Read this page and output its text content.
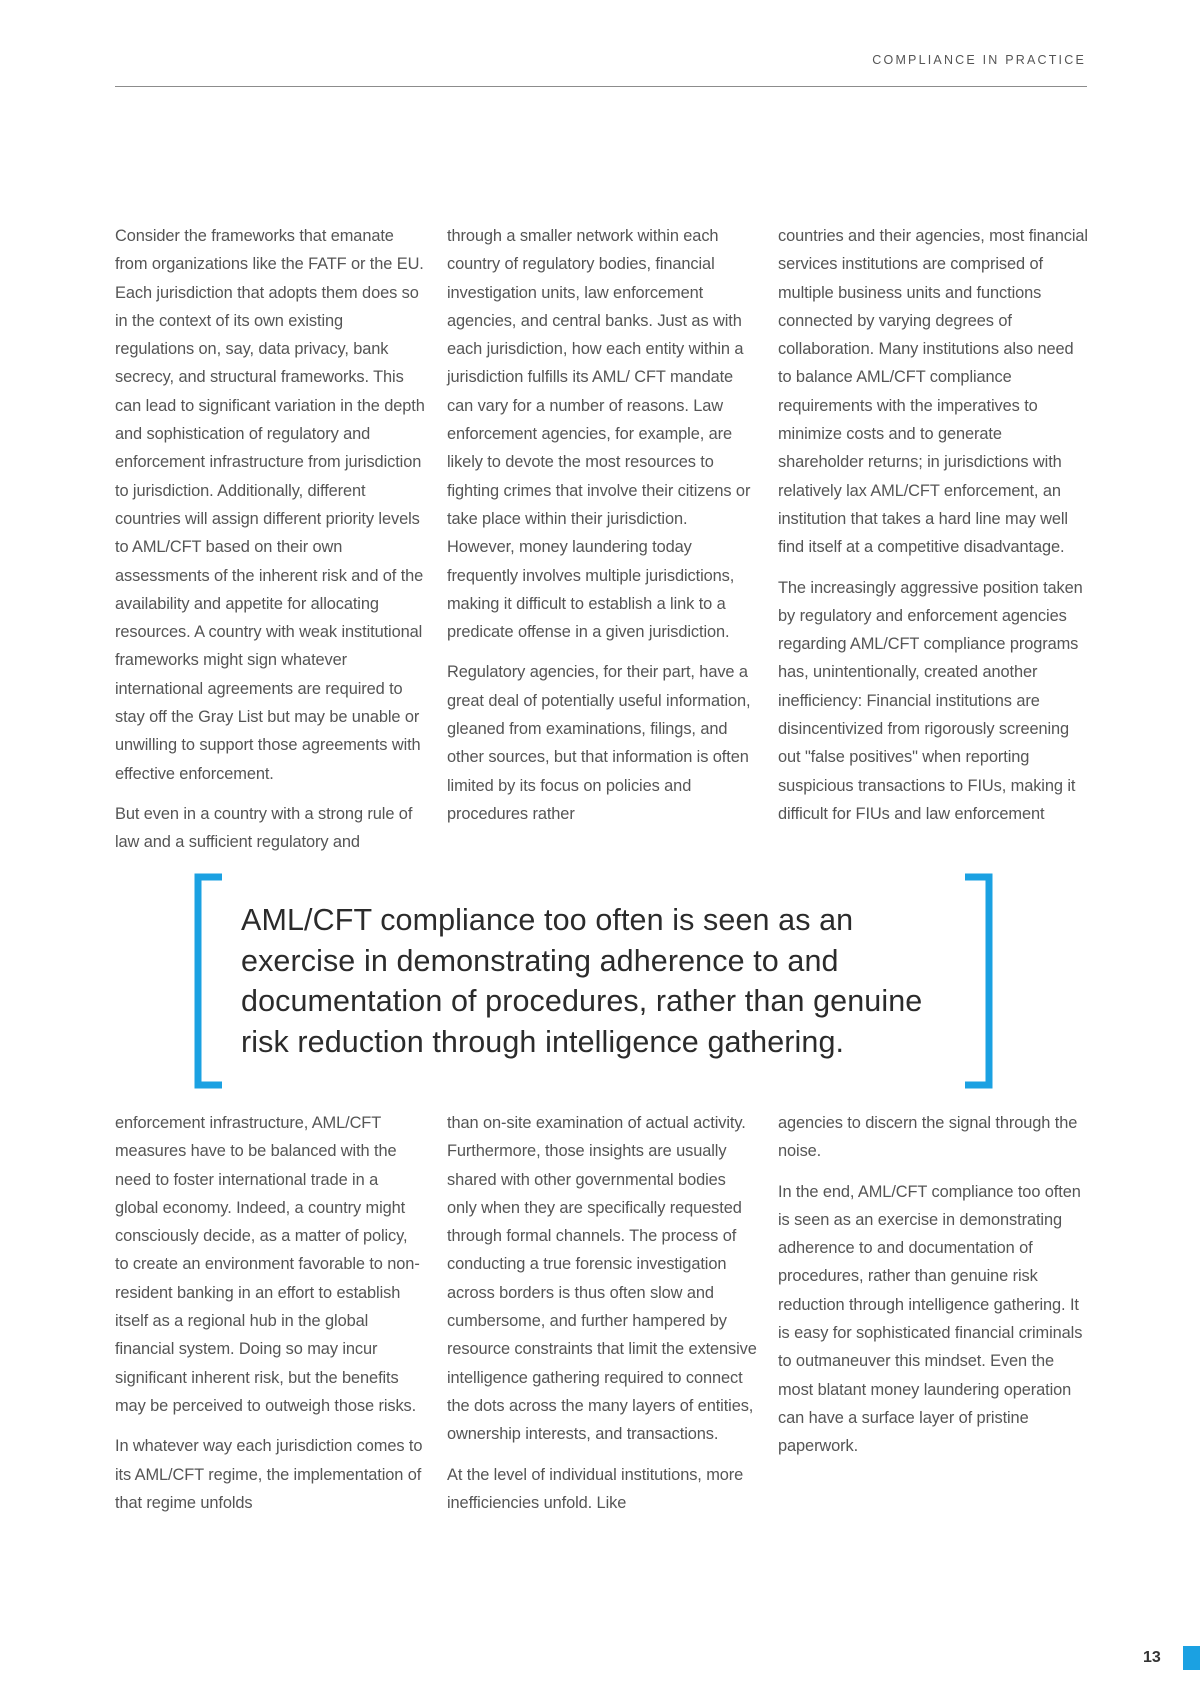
COMPLIANCE IN PRACTICE

Consider the frameworks that emanate from organizations like the FATF or the EU. Each jurisdiction that adopts them does so in the context of its own existing regulations on, say, data privacy, bank secrecy, and structural frameworks. This can lead to significant variation in the depth and sophistication of regulatory and enforcement infrastructure from jurisdiction to jurisdiction. Additionally, different countries will assign different priority levels to AML/CFT based on their own assessments of the inherent risk and of the availability and appetite for allocating resources. A country with weak institutional frameworks might sign whatever international agreements are required to stay off the Gray List but may be unable or unwilling to support those agreements with effective enforcement.

But even in a country with a strong rule of law and a sufficient regulatory and

through a smaller network within each country of regulatory bodies, financial investigation units, law enforcement agencies, and central banks. Just as with each jurisdiction, how each entity within a jurisdiction fulfills its AML/ CFT mandate can vary for a number of reasons. Law enforcement agencies, for example, are likely to devote the most resources to fighting crimes that involve their citizens or take place within their jurisdiction. However, money laundering today frequently involves multiple jurisdictions, making it difficult to establish a link to a predicate offense in a given jurisdiction.

Regulatory agencies, for their part, have a great deal of potentially useful information, gleaned from examinations, filings, and other sources, but that information is often limited by its focus on policies and procedures rather

countries and their agencies, most financial services institutions are comprised of multiple business units and functions connected by varying degrees of collaboration. Many institutions also need to balance AML/CFT compliance requirements with the imperatives to minimize costs and to generate shareholder returns; in jurisdictions with relatively lax AML/CFT enforcement, an institution that takes a hard line may well find itself at a competitive disadvantage.

The increasingly aggressive position taken by regulatory and enforcement agencies regarding AML/CFT compliance programs has, unintentionally, created another inefficiency: Financial institutions are disincentivized from rigorously screening out "false positives" when reporting suspicious transactions to FIUs, making it difficult for FIUs and law enforcement

AML/CFT compliance too often is seen as an exercise in demonstrating adherence to and documentation of procedures, rather than genuine risk reduction through intelligence gathering.

enforcement infrastructure, AML/CFT measures have to be balanced with the need to foster international trade in a global economy. Indeed, a country might consciously decide, as a matter of policy, to create an environment favorable to non-resident banking in an effort to establish itself as a regional hub in the global financial system. Doing so may incur significant inherent risk, but the benefits may be perceived to outweigh those risks.

In whatever way each jurisdiction comes to its AML/CFT regime, the implementation of that regime unfolds

than on-site examination of actual activity. Furthermore, those insights are usually shared with other governmental bodies only when they are specifically requested through formal channels. The process of conducting a true forensic investigation across borders is thus often slow and cumbersome, and further hampered by resource constraints that limit the extensive intelligence gathering required to connect the dots across the many layers of entities, ownership interests, and transactions.

At the level of individual institutions, more inefficiencies unfold. Like

agencies to discern the signal through the noise.

In the end, AML/CFT compliance too often is seen as an exercise in demonstrating adherence to and documentation of procedures, rather than genuine risk reduction through intelligence gathering. It is easy for sophisticated financial criminals to outmaneuver this mindset. Even the most blatant money laundering operation can have a surface layer of pristine paperwork.

13
